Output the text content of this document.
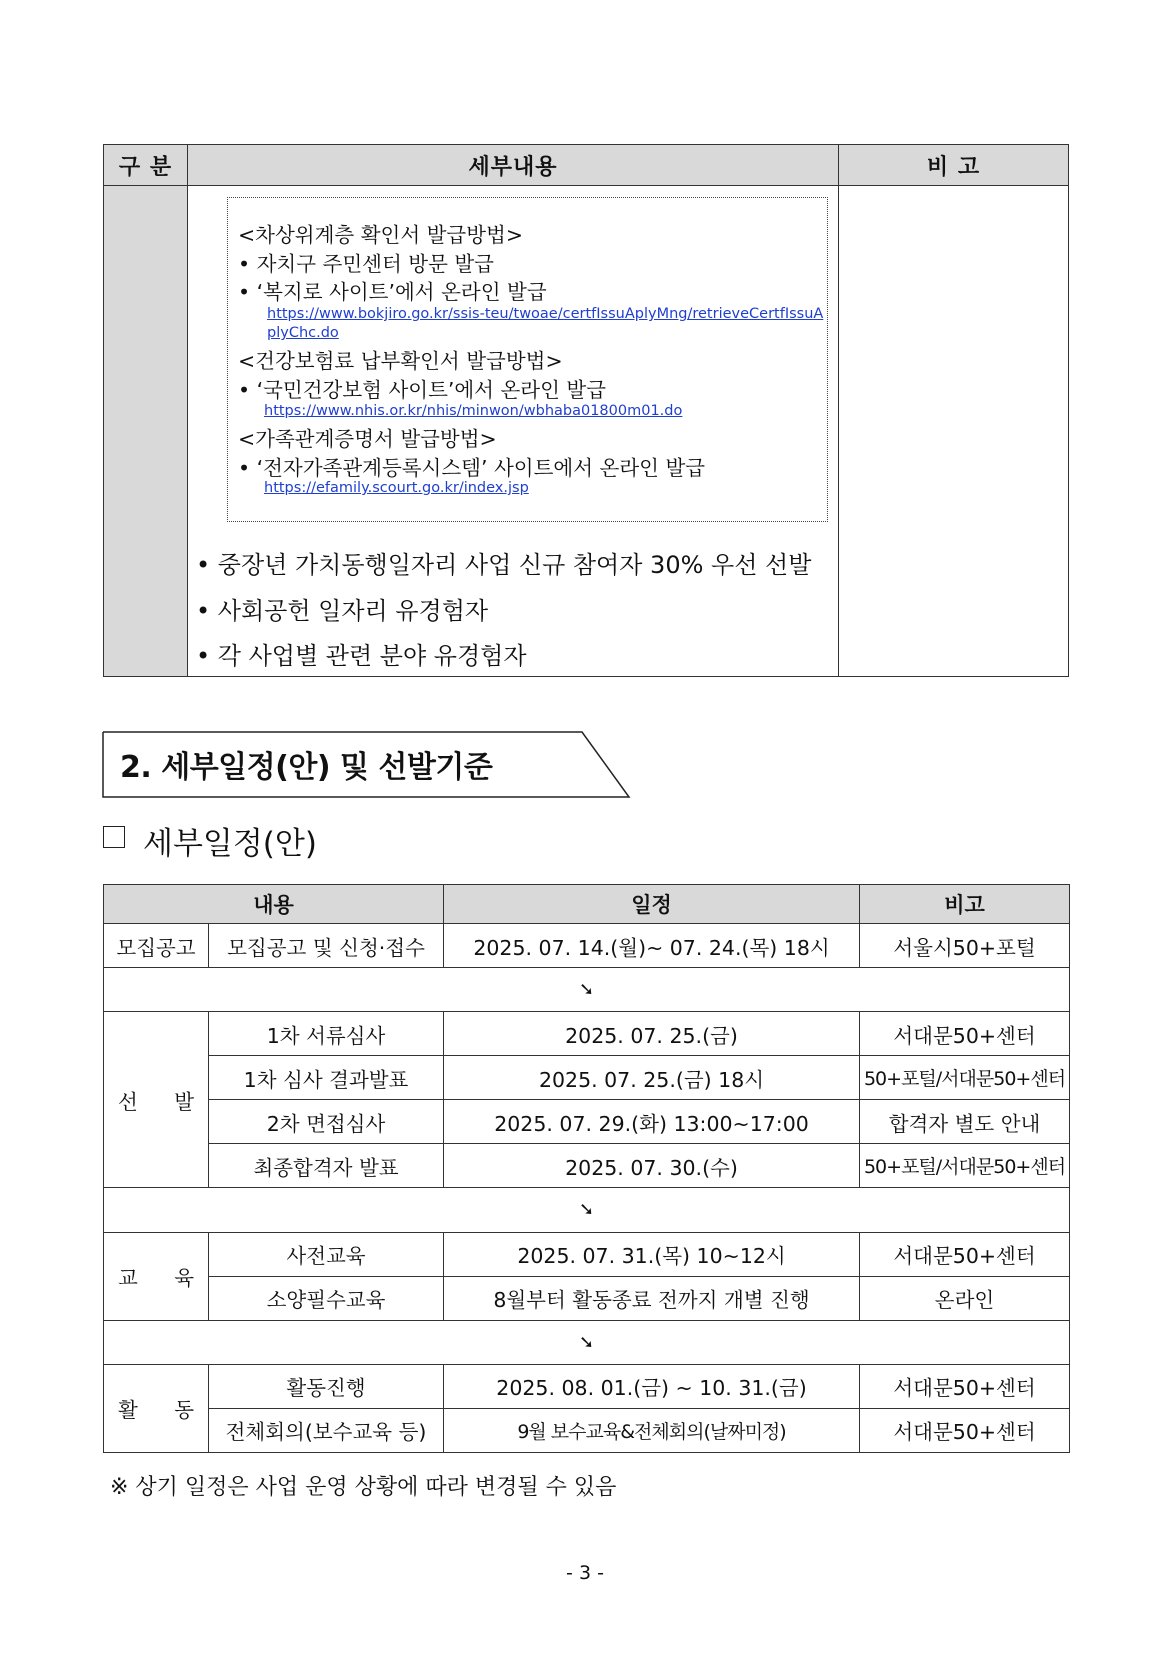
구 분	세부내용	비 고

<차상위계층 확인서 발급방법>
• 자치구 주민센터 방문 발급
• ‘복지로 사이트’에서 온라인 발급
https://www.bokjiro.go.kr/ssis-teu/twoae/certfIssuAplyMng/retrieveCertfIssuA
plyChc.do
<건강보험료 납부확인서 발급방법>
• ‘국민건강보험 사이트’에서 온라인 발급
https://www.nhis.or.kr/nhis/minwon/wbhaba01800m01.do
<가족관계증명서 발급방법>
• ‘전자가족관계등록시스템’ 사이트에서 온라인 발급
https://efamily.scourt.go.kr/index.jsp
• 중장년 가치동행일자리 사업 신규 참여자 30% 우선 선발
• 사회공헌 일자리 유경험자
• 각 사업별 관련 분야 유경험자
2. 세부일정(안) 및 선발기준
세부일정(안)
내용		일정	비고
모집공고	모집공고 및 신청·접수	2025. 07. 14.(월)~ 07. 24.(목) 18시	서울시50+포털
➘			

선 발	1차 서류심사	2025. 07. 25.(금)	서대문50+센터
	1차 심사 결과발표	2025. 07. 25.(금) 18시	50+포털/서대문50+센터
	2차 면접심사	2025. 07. 29.(화) 13:00~17:00	합격자 별도 안내
	최종합격자 발표	2025. 07. 30.(수)	50+포털/서대문50+센터
➘			

교 육	사전교육	2025. 07. 31.(목) 10~12시	서대문50+센터
	소양필수교육	8월부터 활동종료 전까지 개별 진행	온라인
➘			

활 동	활동진행	2025. 08. 01.(금) ~ 10. 31.(금)	서대문50+센터
	전체회의(보수교육 등)	9월 보수교육&전체회의(날짜미정)	서대문50+센터
※ 상기 일정은 사업 운영 상황에 따라 변경될 수 있음
- 3 -
